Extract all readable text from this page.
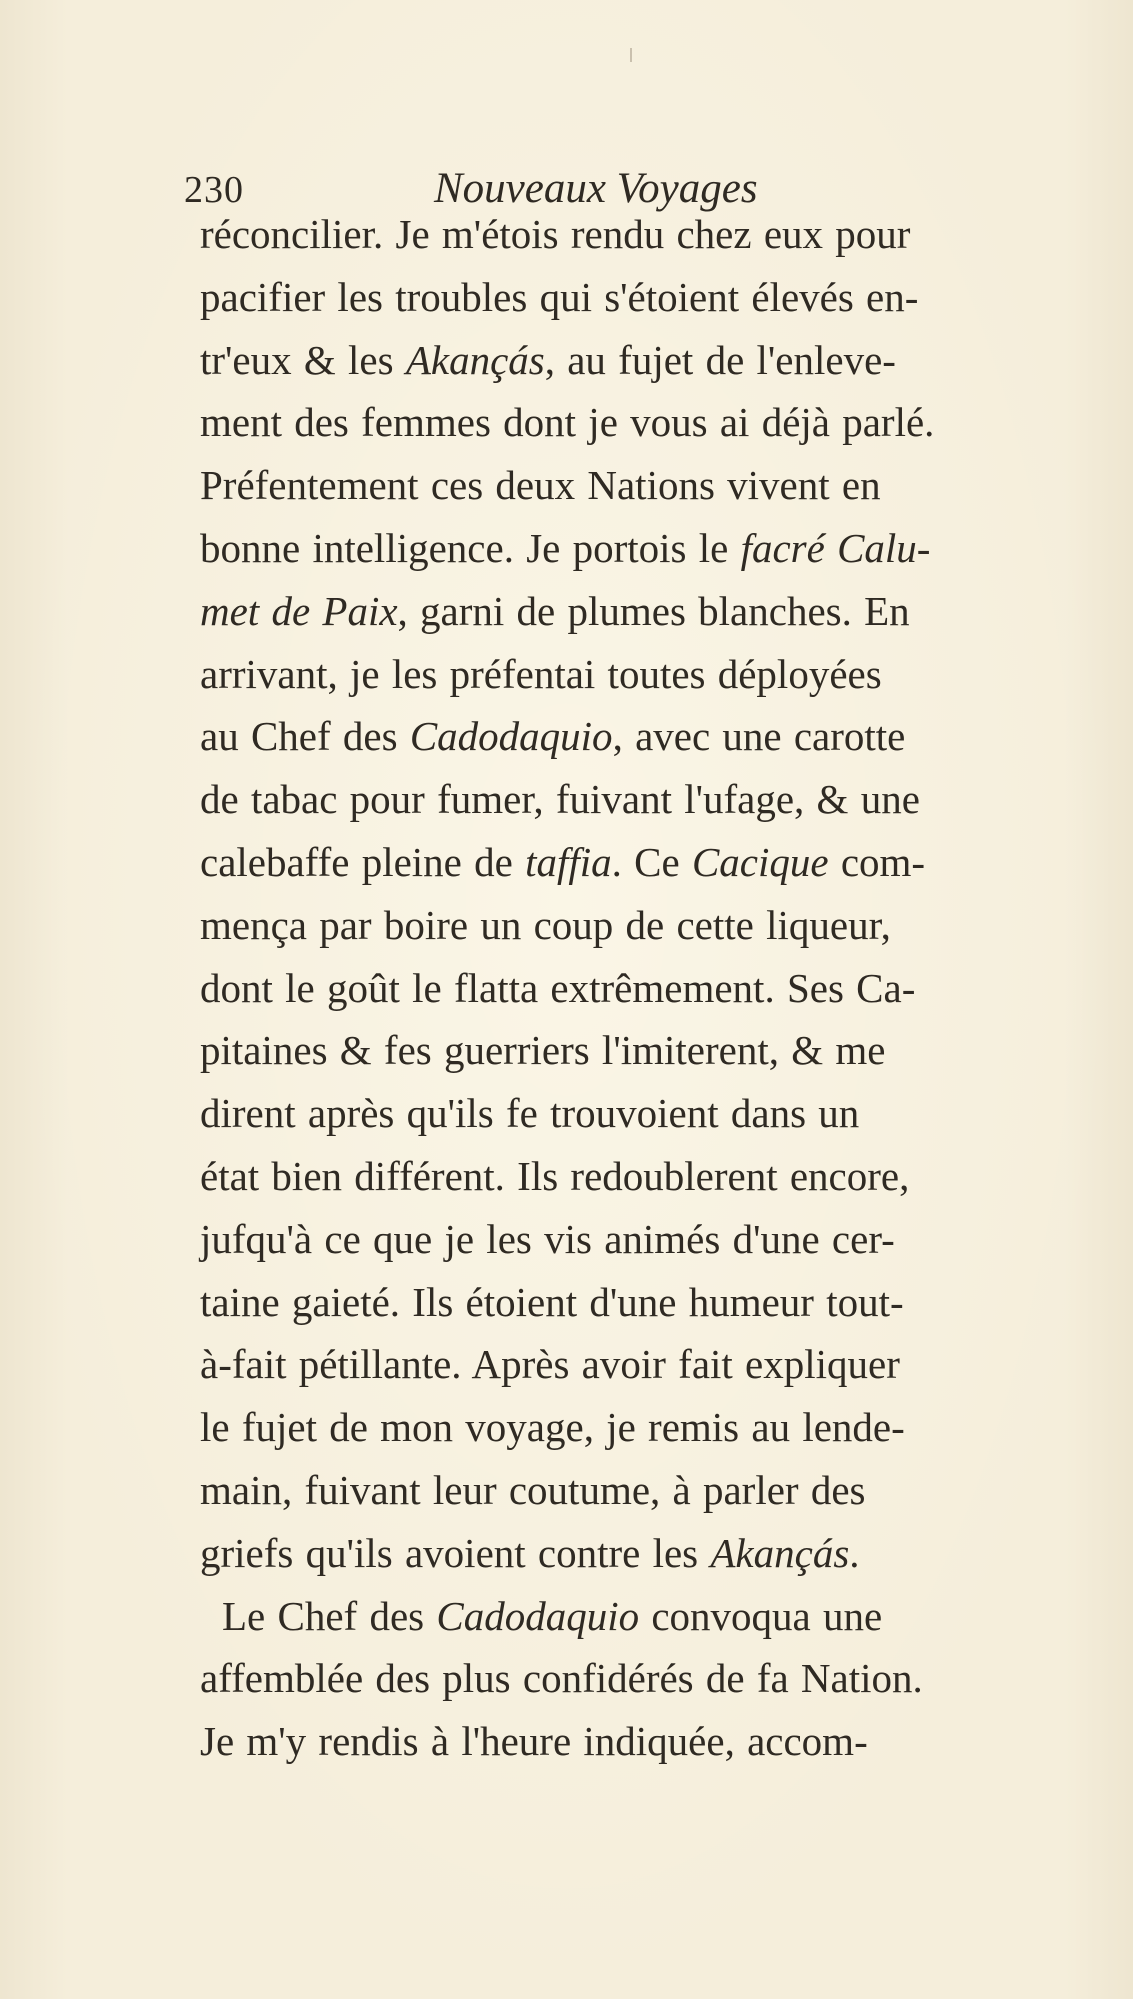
230	Nouveaux Voyages
réconcilier. Je m'étois rendu chez eux pour
pacifier les troubles qui s'étoient élevés en-
tr'eux & les Akançás, au fujet de l'enleve-
ment des femmes dont je vous ai déjà parlé.
Préfentement ces deux Nations vivent en
bonne intelligence. Je portois le facré Calu-
met de Paix, garni de plumes blanches. En
arrivant, je les préfentai toutes déployées
au Chef des Cadodaquio, avec une carotte
de tabac pour fumer, fuivant l'ufage, & une
calebaffe pleine de taffia. Ce Cacique com-
mença par boire un coup de cette liqueur,
dont le goût le flatta extrêmement. Ses Ca-
pitaines & fes guerriers l'imiterent, & me
dirent après qu'ils fe trouvoient dans un
état bien différent. Ils redoublerent encore,
jufqu'à ce que je les vis animés d'une cer-
taine gaieté. Ils étoient d'une humeur tout-
à-fait pétillante. Après avoir fait expliquer
le fujet de mon voyage, je remis au lende-
main, fuivant leur coutume, à parler des
griefs qu'ils avoient contre les Akançás.
Le Chef des Cadodaquio convoqua une
affemblée des plus confidérés de fa Nation.
Je m'y rendis à l'heure indiquée, accom-
